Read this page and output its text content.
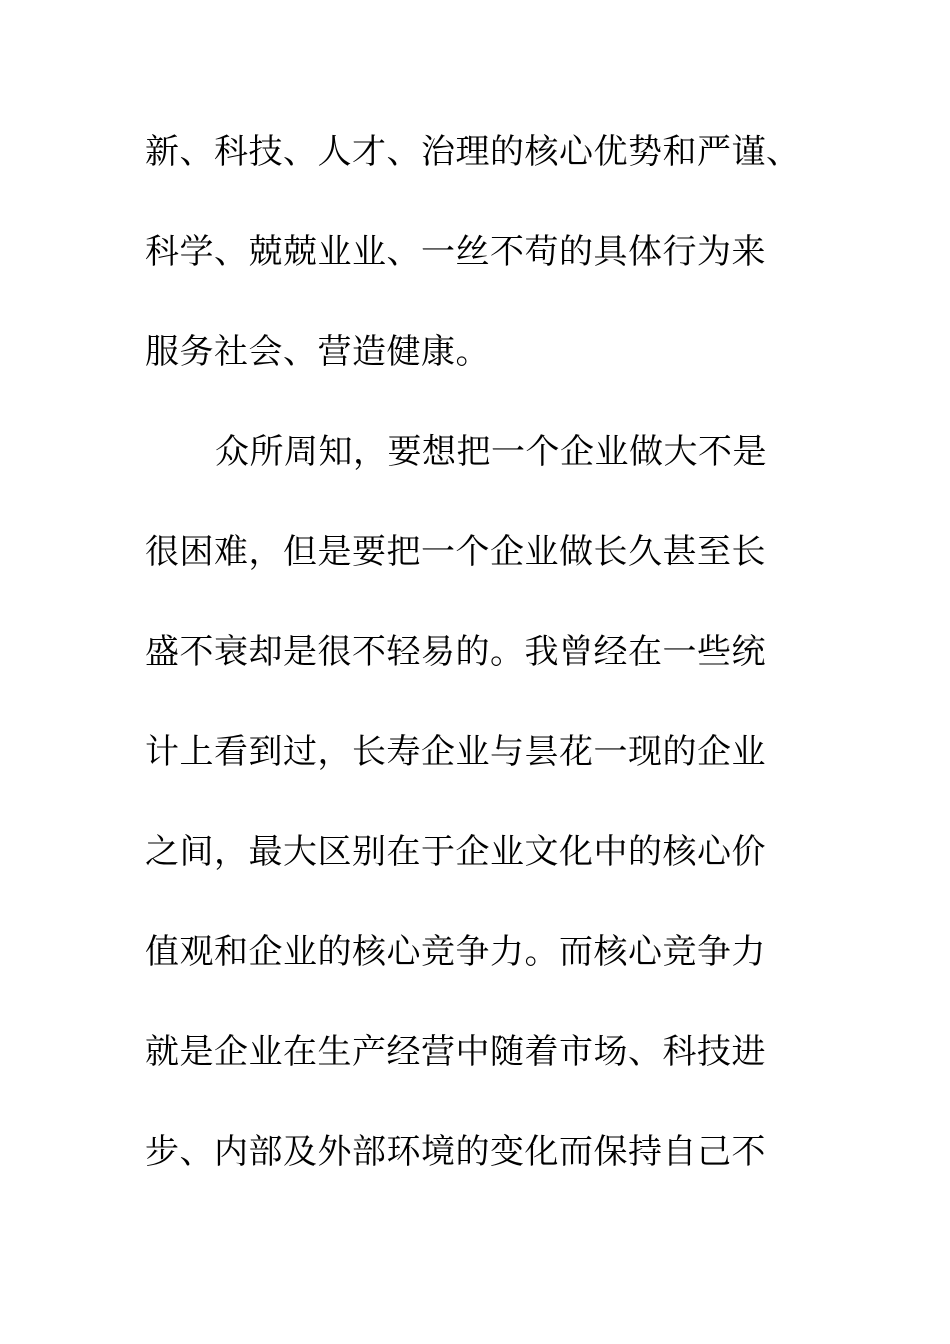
新、科技、人才、治理的核心优势和严谨、

科学、兢兢业业、一丝不苟的具体行为来

服务社会、营造健康。

众所周知，要想把一个企业做大不是

很困难，但是要把一个企业做长久甚至长

盛不衰却是很不轻易的。我曾经在一些统

计上看到过，长寿企业与昙花一现的企业

之间，最大区别在于企业文化中的核心价

值观和企业的核心竞争力。而核心竞争力

就是企业在生产经营中随着市场、科技进

步、内部及外部环境的变化而保持自己不
